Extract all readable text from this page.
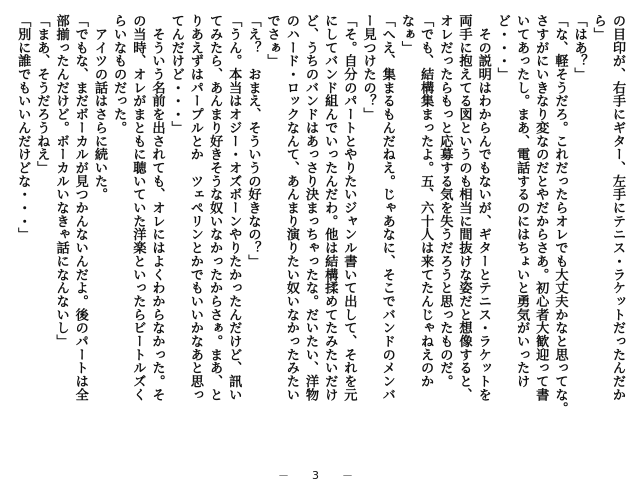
の目印が、右手にギター、左手にテニス・ラケットだったんだか
ら」
「はあ？」
「な、軽そうだろ。これだったらオレでも大丈夫かなと思ってな。
さすがにいきなり変なのだとやだからさあ。初心者大歓迎って書
いてあったし。まあ、電話するのにはちょいと勇気がいったけ
ど・・・」
　その説明はわからんでもないが、ギターとテニス・ラケットを
両手に抱えてる図というのも相当に間抜けな姿だと想像すると、
オレだったらもっと応募する気を失うだろうと思ったものだ。
「でも、結構集まったよ。五、六十人は来てたんじゃねえのか
なぁ」
「へえ、集まるもんだねえ。じゃあなに、そこでバンドのメンバ
ー見つけたの？」
「そ。自分のパートとやりたいジャンル書いて出して、それを元
にしてバンド組んでいったんだわ。他は結構揉めてたみたいだけ
ど、うちのバンドはあっさり決まっちゃったな。だいたい、洋物
のハード・ロックなんて、あんまり演りたい奴いなかったみたい
でさぁ」
「え？　おまえ、そういうの好きなの？」
「うん。本当はオジー・オズボーンやりたかったんだけど、訊い
てみたら、あんまり好きそうな奴いなかったからさぁ。まあ、と
りあえずはパープルとか　ツェペリンとかでもいいかなあと思っ
てんだけど・・・」
　そういう名前を出されても、オレにはよくわからなかった。そ
の当時、オレがまともに聴いていた洋楽といったらビートルズく
らいなものだった。
　アイツの話はさらに続いた。
「でもな、まだボーカルが見つかんないんだよ。後のパートは全
部揃ったんだけど。ボーカルいなきゃ話になんないし」
「まあ、そうだろうねえ」
「別に誰でもいいんだけどな・・・」
－　3　－
